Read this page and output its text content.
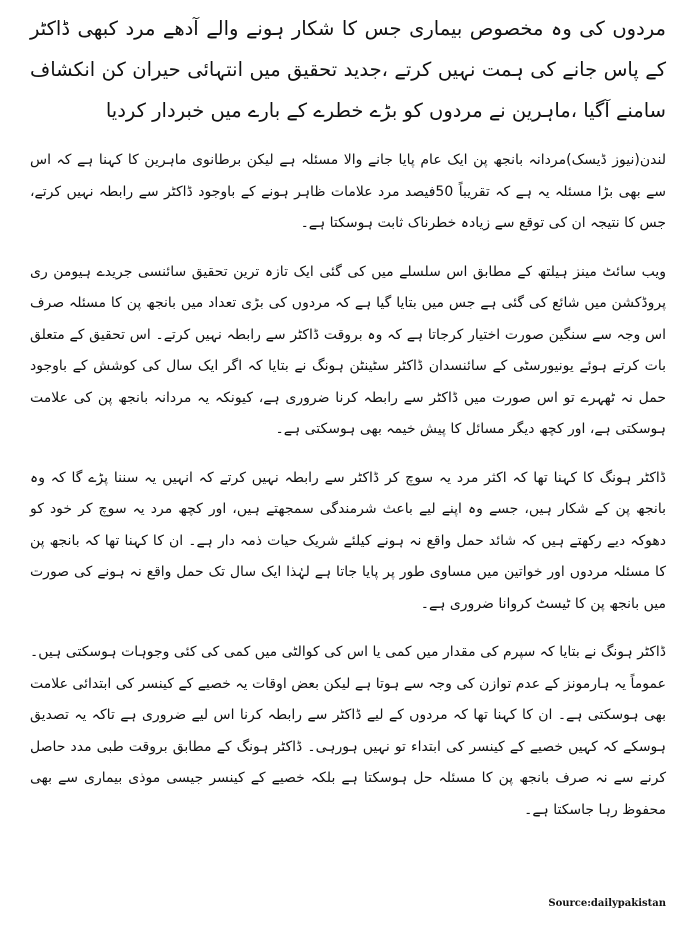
مردوں کی وہ مخصوص بیماری جس کا شکار ہونے والے آدھے مرد کبھی ڈاکٹر کے پاس جانے کی ہمت نہیں کرتے ،جدید تحقیق میں انتہائی حیران کن انکشاف سامنے آگیا ،ماہرین نے مردوں کو بڑے خطرے کے بارے میں خبردار کردیا

لندن(نیوز ڈیسک)مردانہ بانجھ پن ایک عام پایا جانے والا مسئلہ ہے لیکن برطانوی ماہرین کا کہنا ہے کہ اس سے بھی بڑا مسئلہ یہ ہے کہ تقریباً 50فیصد مرد علامات ظاہر ہونے کے باوجود ڈاکٹر سے رابطہ نہیں کرتے، جس کا نتیجہ ان کی توقع سے زیادہ خطرناک ثابت ہوسکتا ہے۔

ویب سائٹ مینز ہیلتھ کے مطابق اس سلسلے میں کی گئی ایک تازہ ترین تحقیق سائنسی جریدے ہیومن ری پروڈکشن میں شائع کی گئی ہے جس میں بتایا گیا ہے کہ مردوں کی بڑی تعداد میں بانجھ پن کا مسئلہ صرف اس وجہ سے سنگین صورت اختیار کرجاتا ہے کہ وہ بروقت ڈاکٹر سے رابطہ نہیں کرتے۔ اس تحقیق کے متعلق بات کرتے ہوئے یونیورسٹی کے سائنسدان ڈاکٹر سٹینٹن ہونگ نے بتایا کہ اگر ایک سال کی کوشش کے باوجود حمل نہ ٹھہرے تو اس صورت میں ڈاکٹر سے رابطہ کرنا ضروری ہے، کیونکہ یہ مردانہ بانجھ پن کی علامت ہوسکتی ہے، اور کچھ دیگر مسائل کا پیش خیمہ بھی ہوسکتی ہے۔

ڈاکٹر ہونگ کا کہنا تھا کہ اکثر مرد یہ سوچ کر ڈاکٹر سے رابطہ نہیں کرتے کہ انہیں یہ سننا پڑے گا کہ وہ بانجھ پن کے شکار ہیں، جسے وہ اپنے لیے باعث شرمندگی سمجھتے ہیں، اور کچھ مرد یہ سوچ کر خود کو دھوکہ دیے رکھتے ہیں کہ شائد حمل واقع نہ ہونے کیلئے شریک حیات ذمہ دار ہے۔ ان کا کہنا تھا کہ بانجھ پن کا مسئلہ مردوں اور خواتین میں مساوی طور پر پایا جاتا ہے لہٰذا ایک سال تک حمل واقع نہ ہونے کی صورت میں بانجھ پن کا ٹیسٹ کروانا ضروری ہے۔

ڈاکٹر ہونگ نے بتایا کہ سپرم کی مقدار میں کمی یا اس کی کوالٹی میں کمی کی کئی وجوہات ہوسکتی ہیں۔ عموماً یہ ہارمونز کے عدم توازن کی وجہ سے ہوتا ہے لیکن بعض اوقات یہ خصیے کے کینسر کی ابتدائی علامت بھی ہوسکتی ہے۔ ان کا کہنا تھا کہ مردوں کے لیے ڈاکٹر سے رابطہ کرنا اس لیے ضروری ہے تاکہ یہ تصدیق ہوسکے کہ کہیں خصیے کے کینسر کی ابتداء تو نہیں ہورہی۔ ڈاکٹر ہونگ کے مطابق بروقت طبی مدد حاصل کرنے سے نہ صرف بانجھ پن کا مسئلہ حل ہوسکتا ہے بلکہ خصیے کے کینسر جیسی موذی بیماری سے بھی محفوظ رہا جاسکتا ہے۔

Source:dailypakistan
